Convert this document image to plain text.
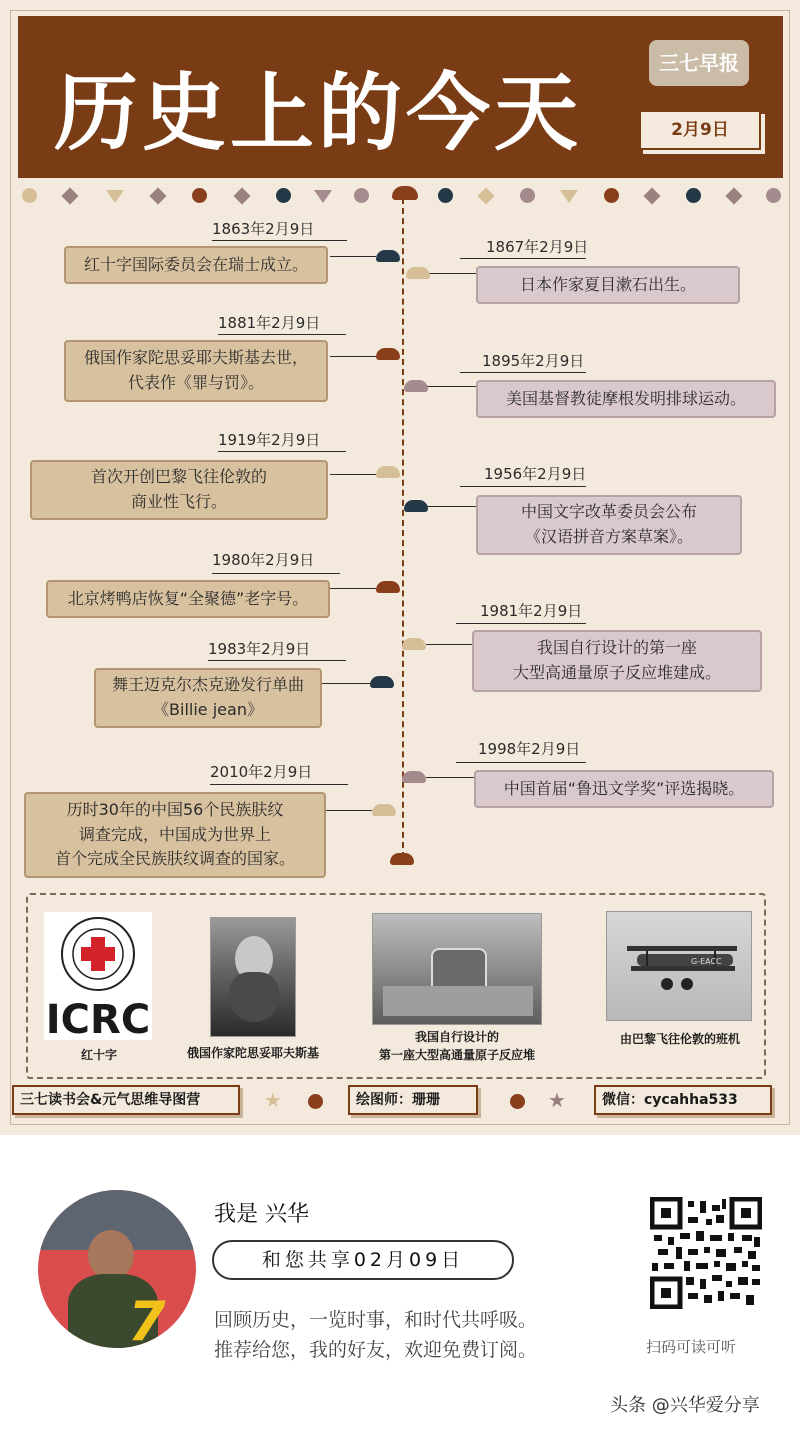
历史上的今天
三七早报
2月9日
1863年2月9日
红十字国际委员会在瑞士成立。
1881年2月9日
俄国作家陀思妥耶夫斯基去世，
代表作《罪与罚》。
1919年2月9日
首次开创巴黎飞往伦敦的
商业性飞行。
1980年2月9日
北京烤鸭店恢复“全聚德”老字号。
1983年2月9日
舞王迈克尔杰克逊发行单曲
《Billie jean》
2010年2月9日
历时30年的中国56个民族肤纹
调查完成，中国成为世界上
首个完成全民族肤纹调查的国家。
1867年2月9日
日本作家夏目漱石出生。
1895年2月9日
美国基督教徒摩根发明排球运动。
1956年2月9日
中国文字改革委员会公布
《汉语拼音方案草案》。
1981年2月9日
我国自行设计的第一座
大型高通量原子反应堆建成。
1998年2月9日
中国首届“鲁迅文学奖”评选揭晓。
ICRC
红十字	俄国作家陀思妥耶夫斯基
我国自行设计的
第一座大型高通量原子反应堆
G-EACC
由巴黎飞往伦敦的班机
三七读书会&元气思维导图营	★	绘图师：珊珊	★	微信：cycahha533
7
我是 兴华
和您共享02月09日
回顾历史，一览时事，和时代共呼吸。
推荐给您，我的好友，欢迎免费订阅。	扫码可读可听
头条 @兴华爱分享
